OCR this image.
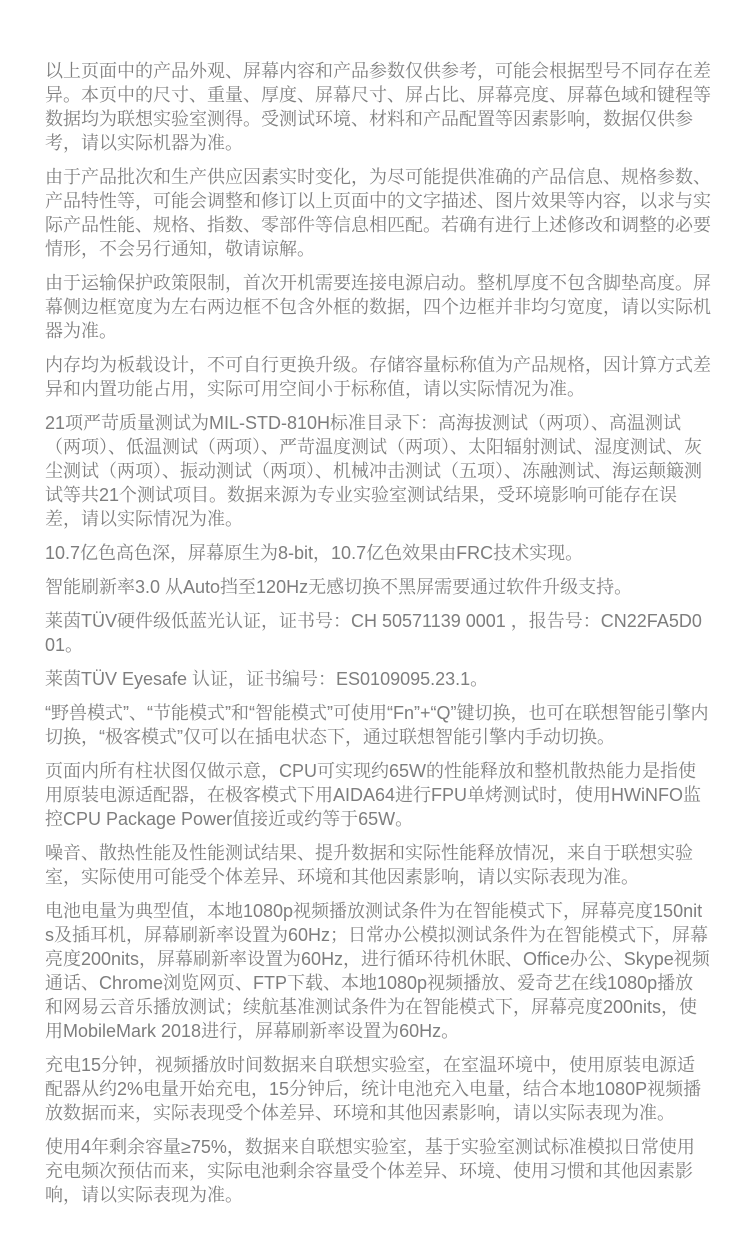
以上页面中的产品外观、屏幕内容和产品参数仅供参考，可能会根据型号不同存在差异。本页中的尺寸、重量、厚度、屏幕尺寸、屏占比、屏幕亮度、屏幕色域和键程等数据均为联想实验室测得。受测试环境、材料和产品配置等因素影响，数据仅供参考，请以实际机器为准。

由于产品批次和生产供应因素实时变化，为尽可能提供准确的产品信息、规格参数、产品特性等，可能会调整和修订以上页面中的文字描述、图片效果等内容，以求与实际产品性能、规格、指数、零部件等信息相匹配。若确有进行上述修改和调整的必要情形，不会另行通知，敬请谅解。

由于运输保护政策限制，首次开机需要连接电源启动。整机厚度不包含脚垫高度。屏幕侧边框宽度为左右两边框不包含外框的数据，四个边框并非均匀宽度，请以实际机器为准。

内存均为板载设计，不可自行更换升级。存储容量标称值为产品规格，因计算方式差异和内置功能占用，实际可用空间小于标称值，请以实际情况为准。

21项严苛质量测试为MIL-STD-810H标准目录下：高海拔测试（两项）、高温测试（两项）、低温测试（两项）、严苛温度测试（两项）、太阳辐射测试、湿度测试、灰尘测试（两项）、振动测试（两项）、机械冲击测试（五项）、冻融测试、海运颠簸测试等共21个测试项目。数据来源为专业实验室测试结果，受环境影响可能存在误差，请以实际情况为准。

10.7亿色高色深，屏幕原生为8-bit，10.7亿色效果由FRC技术实现。

智能刷新率3.0 从Auto挡至120Hz无感切换不黑屏需要通过软件升级支持。

莱茵TÜV硬件级低蓝光认证，证书号：CH 50571139 0001 ，报告号：CN22FA5D001。

莱茵TÜV Eyesafe 认证，证书编号：ES0109095.23.1。

“野兽模式”、“节能模式”和“智能模式”可使用“Fn”+“Q”键切换，也可在联想智能引擎内切换，“极客模式”仅可以在插电状态下，通过联想智能引擎内手动切换。

页面内所有柱状图仅做示意，CPU可实现约65W的性能释放和整机散热能力是指使用原装电源适配器，在极客模式下用AIDA64进行FPU单烤测试时，使用HWiNFO监控CPU Package Power值接近或约等于65W。

噪音、散热性能及性能测试结果、提升数据和实际性能释放情况，来自于联想实验室，实际使用可能受个体差异、环境和其他因素影响，请以实际表现为准。

电池电量为典型值，本地1080p视频播放测试条件为在智能模式下，屏幕亮度150nits及插耳机，屏幕刷新率设置为60Hz；日常办公模拟测试条件为在智能模式下，屏幕亮度200nits，屏幕刷新率设置为60Hz，进行循环待机休眠、Office办公、Skype视频通话、Chrome浏览网页、FTP下载、本地1080p视频播放、爱奇艺在线1080p播放和网易云音乐播放测试；续航基准测试条件为在智能模式下，屏幕亮度200nits，使用MobileMark 2018进行，屏幕刷新率设置为60Hz。

充电15分钟，视频播放时间数据来自联想实验室，在室温环境中，使用原装电源适配器从约2%电量开始充电，15分钟后，统计电池充入电量，结合本地1080P视频播放数据而来，实际表现受个体差异、环境和其他因素影响，请以实际表现为准。

使用4年剩余容量≥75%，数据来自联想实验室，基于实验室测试标准模拟日常使用充电频次预估而来，实际电池剩余容量受个体差异、环境、使用习惯和其他因素影响，请以实际表现为准。
